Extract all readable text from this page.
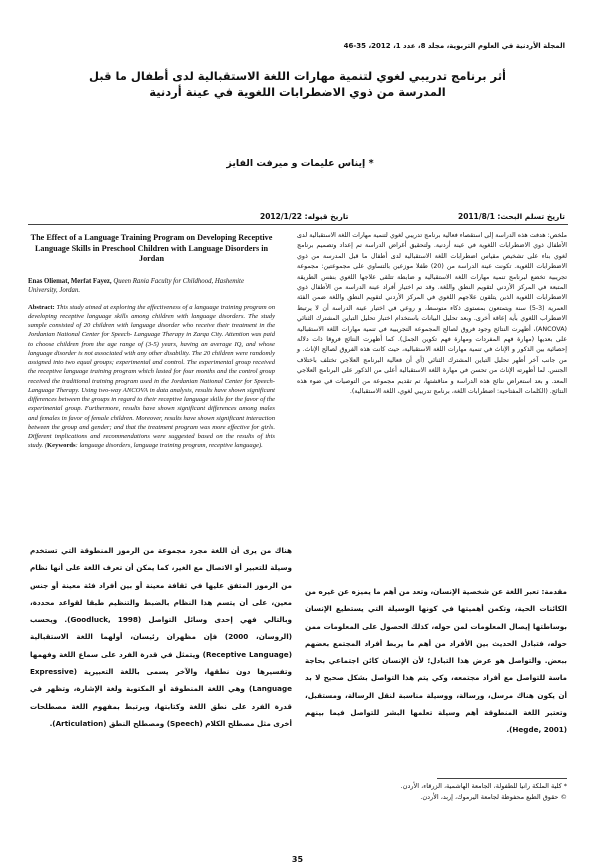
المجلة الأردنية في العلوم التربوية، مجلد 8، عدد 1، 2012، 35-46
أثر برنامج تدريبي لغوي لتنمية مهارات اللغة الاستقبالية لدى أطفال ما قبل المدرسة من ذوي الاضطرابات اللغوية في عينة أردنية
* إيناس عليمات و ميرفت الفايز
تاريخ تسلم البحث: 2011/8/1
تاريخ قبوله: 2012/1/22
ملخص: هدفت هذه الدراسة إلى استقصاء فعالية برنامج تدريبي لغوي لتنمية مهارات اللغة الاستقبالية لدى الأطفال ذوي الاضطرابات اللغوية في عينة أردنية. ولتحقيق أغراض الدراسة تم إعداد وتصميم برنامج لغوي بناء على تشخيص مقياس اضطرابات اللغة الاستقبالية لدى أطفال ما قبل المدرسة من ذوي الاضطرابات اللغوية. تكونت عينة الدراسة من (20) طفلا موزعين بالتساوي على مجموعتين: مجموعة تجريبية تخضع لبرنامج تنمية مهارات اللغة الاستقبالية و ضابطة تتلقى علاجها اللغوي بنفس الطريقة المتبعة في المركز الأردني لتقويم النطق واللغة. وقد تم اختيار أفراد عينة الدراسة من الأطفال ذوي الاضطرابات اللغوية الذين يتلقون علاجهم اللغوي في المركز الأردني لتقويم النطق واللغة ضمن الفئة العمرية (3-5) سنة ويتمتعون بمستوى ذكاء متوسط، و روعي في اختيار عينة الدراسة أن لا يرتبط الاضطراب اللغوي بأية إعاقة أخرى. وبعد تحليل البيانات باستخدام اختبار تحليل التباين المشترك الثنائي (ANCOVA)، أظهرت النتائج وجود فروق لصالح المجموعة التجريبية في تنمية مهارات اللغة الاستقبالية على بعديها (مهارة فهم المفردات ومهارة فهم تكوين الجمل). كما أظهرت النتائج فروقا ذات دلالة إحصائية بين الذكور و الإناث في تنمية مهارات اللغة الاستقبالية، حيث كانت هذه الفروق لصالح الإناث. و من جانب آخر أظهر تحليل التباين المشترك الثنائي (أي أن فعالية البرنامج العلاجي تختلف باختلاف الجنس. لما أظهرته الإناث من تحسن في مهارة اللغة الاستقبالية أعلى من الذكور على البرنامج العلاجي المعد. و بعد استعراض نتائج هذه الدراسة و مناقشتها، تم تقديم مجموعة من التوصيات في ضوء هذه النتائج. (الكلمات المفتاحية: اضطرابات اللغة، برنامج تدريبي لغوي، اللغة الاستقبالية).
The Effect of a Language Training Program on Developing Receptive Language Skills in Preschool Children with Language Disorders in Jordan
Enas Oliemat, Merfat Fayez, Queen Rania Faculty for Childhood, Hashemite University, Jordan.
Abstract: This study aimed at exploring the effectiveness of a language training program on developing receptive language skills among children with language disorders. The study sample consisted of 20 children with language disorder who receive their treatment in the Jordanian National Center for Speech- Language Therapy in Zarqa City. Attention was paid to choose children from the age range of (3-5) years, having an average IQ, and whose language disorder is not associated with any other disability. The 20 children were randomly assigned into two equal groups; experimental and control. The experimental group received the receptive language training program which lasted for four months and the control group received the traditional training program used in the Jordanian National Center for Speech- Language Therapy. Using two-way ANCOVA in data analysis, results have shown significant differences between the groups in regard to their receptive language skills for the favor of the experimental group. Furthermore, results have shown significant differences among males and females in favor of female children. Moreover, results have shown significant interaction between the group and gender; and that the treatment program was more effective for girls. Different implications and recommendations were suggested based on the results of this study. (Keywords: language disorders, language training program, receptive language).
مقدمة: تعبر اللغة عن شخصية الإنسان، وتعد من أهم ما يميزه عن غيره من الكائنات الحية، وتكمن أهميتها في كونها الوسيلة التي يستطيع الإنسان بوساطتها إيصال المعلومات لمن حوله، كذلك الحصول على المعلومات ممن حوله، فتبادل الحديث بين الأفراد من أهم ما يربط أفراد المجتمع بعضهم ببعض. والتواصل هو عرض هذا التبادل؛ لأن الإنسان كائن اجتماعي بحاجة ماسة للتواصل مع أفراد مجتمعه، وكي يتم هذا التواصل بشكل صحيح لا بد أن يكون هناك مرسل، ورسالة، ووسيلة مناسبة لنقل الرسالة، ومستقبل، وتعتبر اللغة المنطوقة أهم وسيلة تعلمها البشر للتواصل فيما بينهم (Hegde, 2001).
هناك من يرى أن اللغة مجرد مجموعة من الرموز المنطوقة التي تستخدم وسيلة للتعبير أو الاتصال مع الغير، كما يمكن أن تعرف اللغة على أنها نظام من الرموز المتفق عليها في ثقافة معينة أو بين أفراد فئة معينة أو جنس معين، على أن يتسم هذا النظام بالضبط والتنظيم طبقا لقواعد محددة، وبالتالي فهي إحدى وسائل التواصل (Goodluck, 1998). ويحسب (الروسان، 2000) فإن مظهران رئيسان، أولهما اللغة الاستقبالية (Receptive Language) ويتمثل في قدرة الفرد على سماع اللغة وفهمها وتفسيرها دون نطقها، والآخر يسمى باللغة التعبيرية (Expressive Language) وهي اللغة المنطوقة أو المكتوبة ولغة الإشارة، وتظهر في قدرة الفرد على نطق اللغة وكتابتها، ويرتبط بمفهوم اللغة مصطلحات أخرى مثل مصطلح الكلام (Speech) ومصطلح النطق (Articulation).
* كلية الملكة رانيا للطفولة، الجامعة الهاشمية، الزرقاء، الأردن.
© حقوق الطبع محفوظة لجامعة اليرموك، إربد، الأردن.
35
